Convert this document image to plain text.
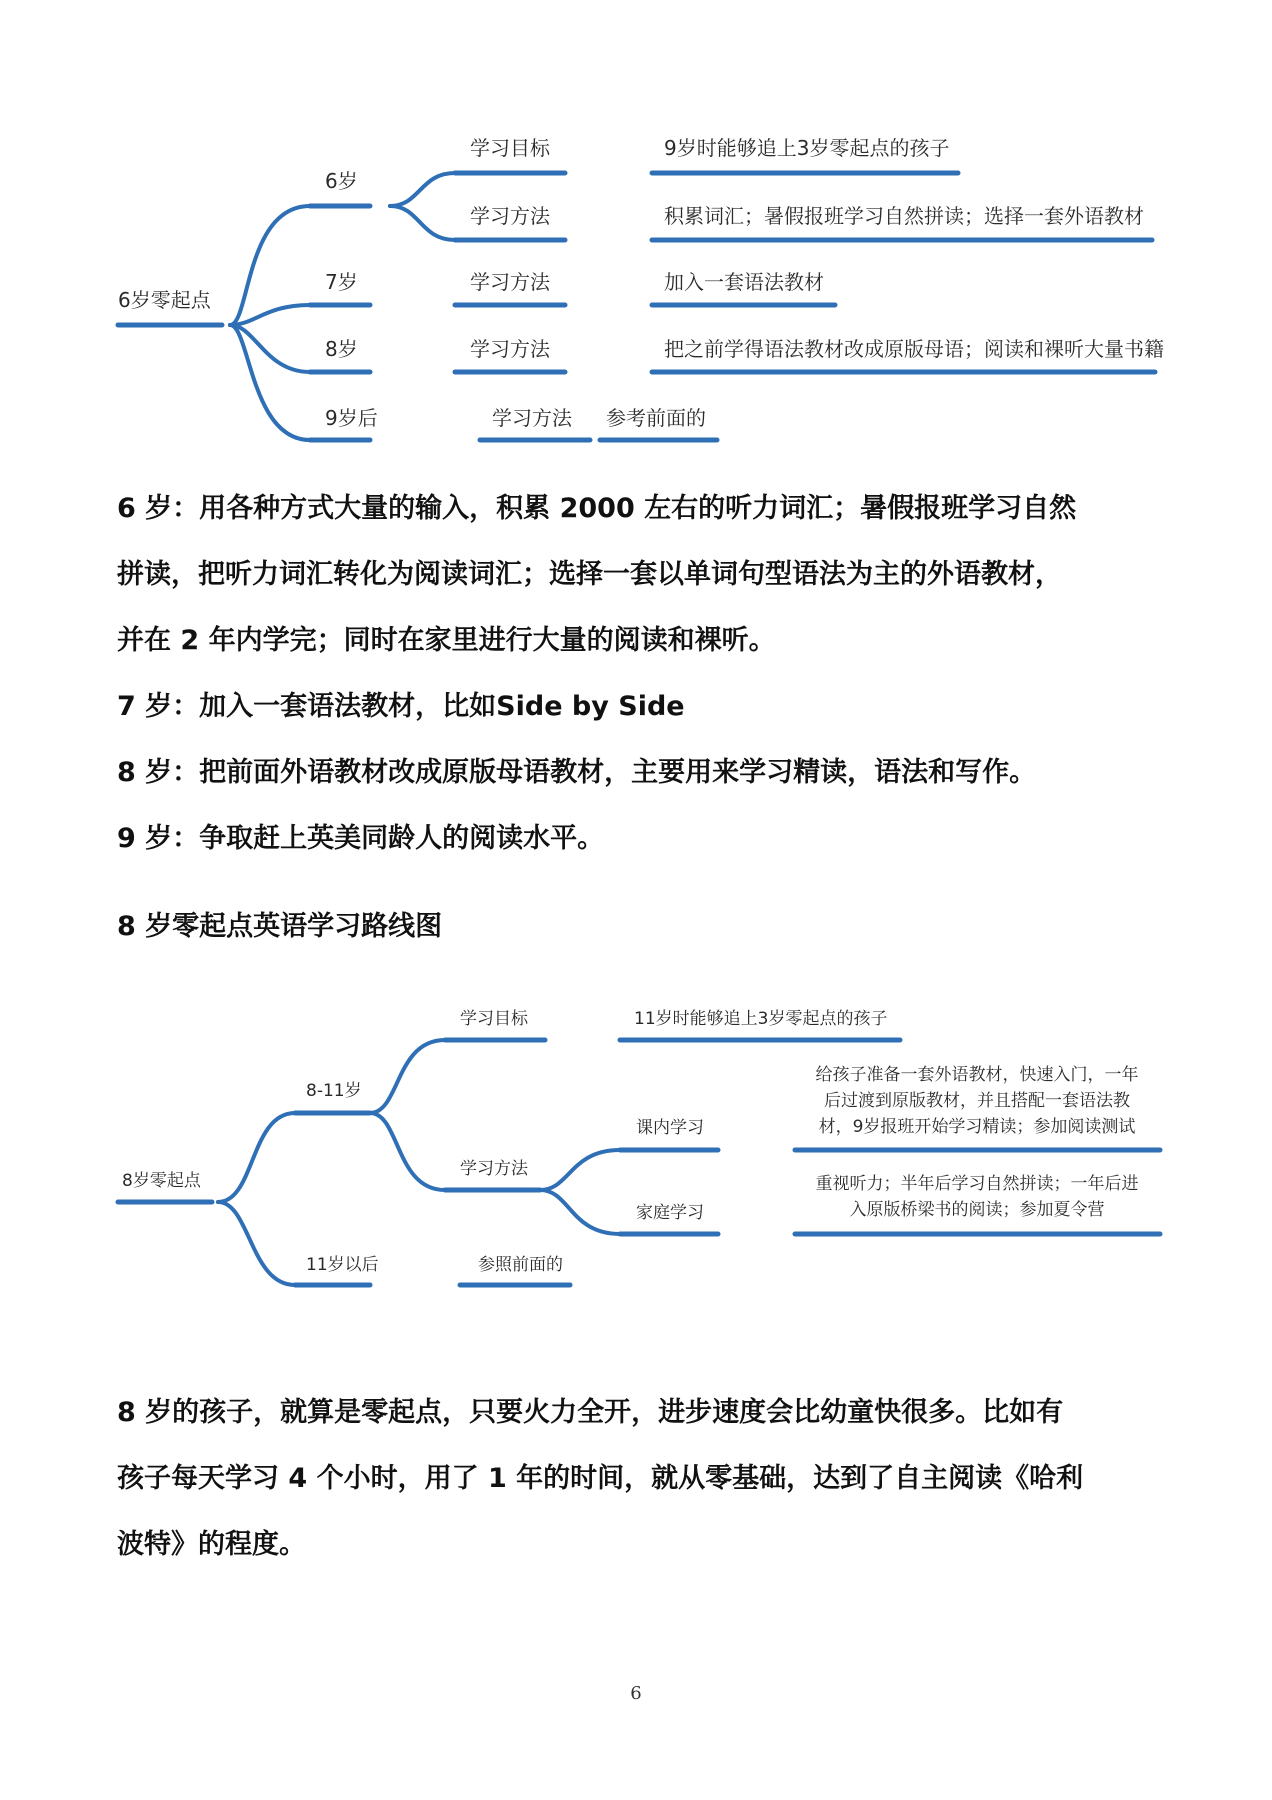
6岁零起点
6岁
7岁
8岁
9岁后
学习目标
学习方法
学习方法
学习方法
学习方法
9岁时能够追上3岁零起点的孩子
积累词汇；暑假报班学习自然拼读；选择一套外语教材
加入一套语法教材
把之前学得语法教材改成原版母语；阅读和裸听大量书籍
参考前面的
6 岁：用各种方式大量的输入，积累 2000 左右的听力词汇；暑假报班学习自然
拼读，把听力词汇转化为阅读词汇；选择一套以单词句型语法为主的外语教材，
并在 2 年内学完；同时在家里进行大量的阅读和裸听。
7 岁：加入一套语法教材，比如Side by Side
8 岁：把前面外语教材改成原版母语教材，主要用来学习精读，语法和写作。
9 岁：争取赶上英美同龄人的阅读水平。
8 岁零起点英语学习路线图
8岁零起点
8-11岁
11岁以后
学习目标
学习方法
参照前面的
11岁时能够追上3岁零起点的孩子
课内学习
家庭学习
给孩子准备一套外语教材，快速入门，一年
后过渡到原版教材，并且搭配一套语法教
材，9岁报班开始学习精读；参加阅读测试
重视听力；半年后学习自然拼读；一年后进
入原版桥梁书的阅读；参加夏令营
8 岁的孩子，就算是零起点，只要火力全开，进步速度会比幼童快很多。比如有
孩子每天学习 4 个小时，用了 1 年的时间，就从零基础，达到了自主阅读《哈利
波特》的程度。
6
